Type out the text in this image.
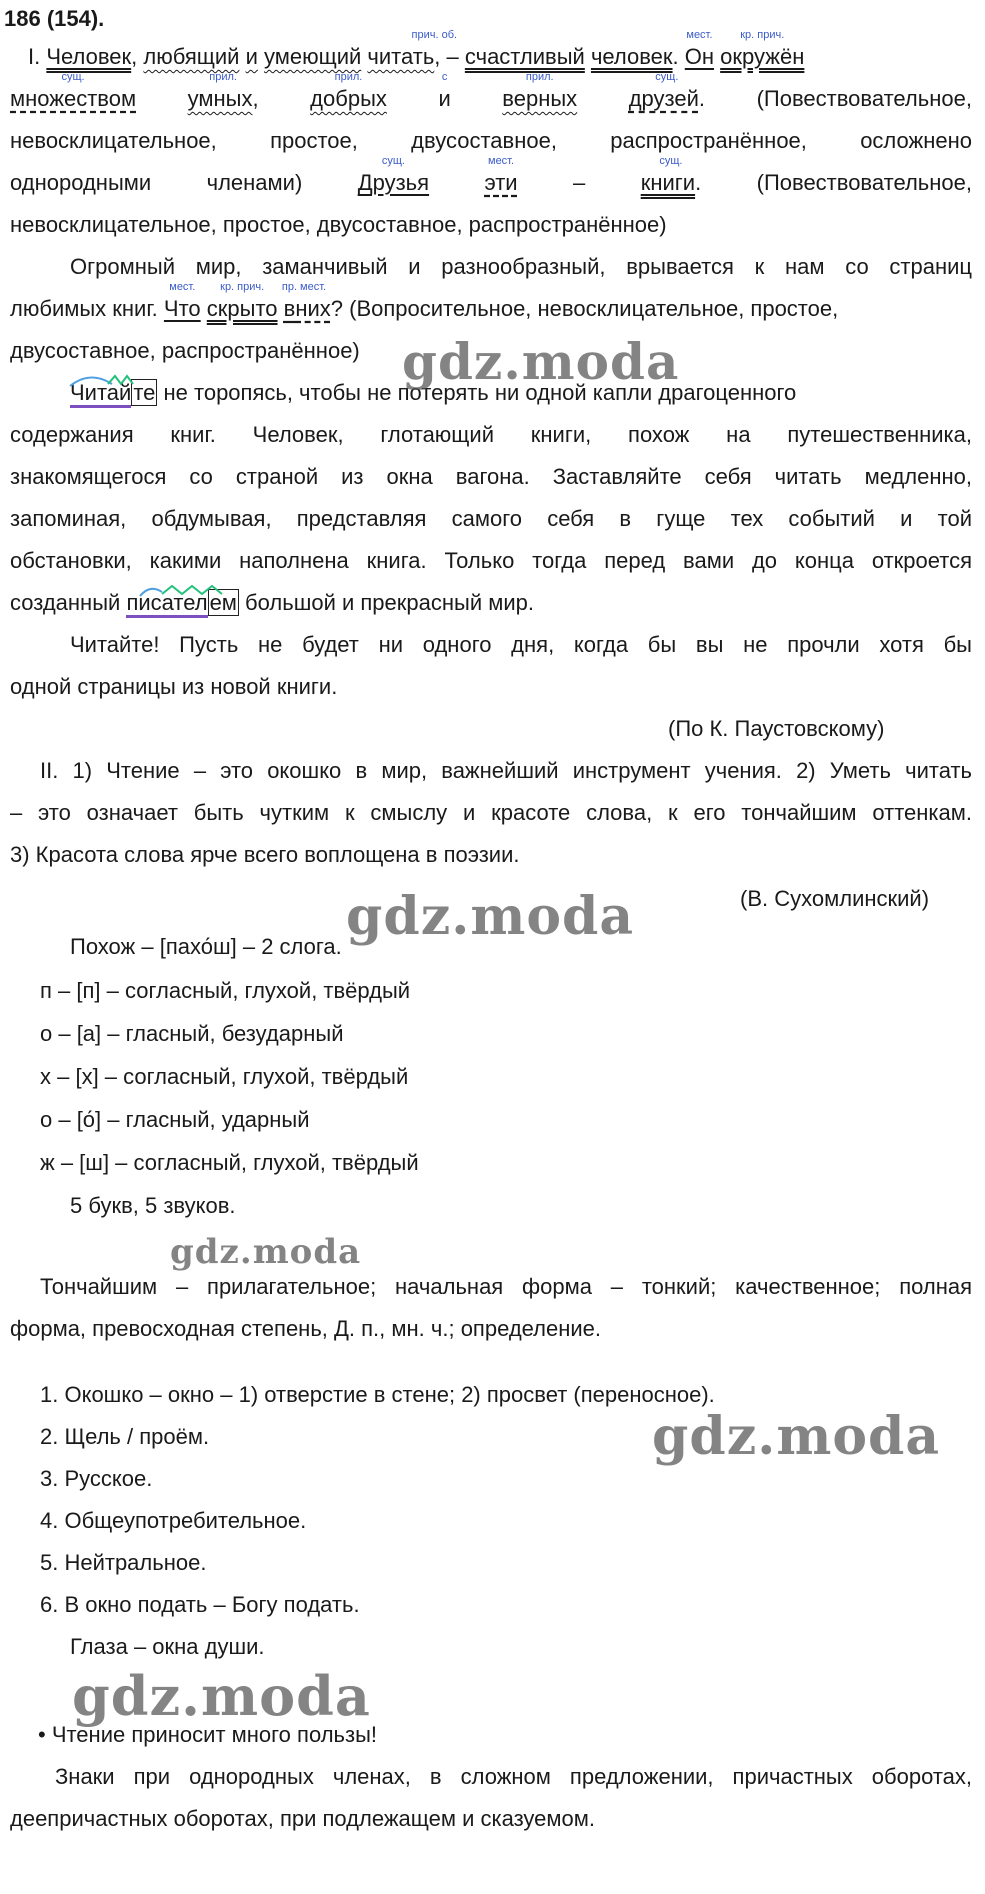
186 (154).
I. Человек,
прич. об.
любящий и умеющий читать, – счастливый человек.
мест.
Он
кр. прич.
окружён
сущ.
множеством
прил.
умных,
прил.
добрых
с
и
прил.
верных
сущ.
друзей. (Повествовательное,
невосклицательное, простое, двусоставное, распространённое, осложнено
однородными	членами)
сущ.
Друзья
мест.
эти	–
сущ.
книги.	(Повествовательное,
невосклицательное, простое, двусоставное, распространённое)
Огромный мир, заманчивый и разнообразный, врывается к нам со страниц
любимых книг.
мест.
Что
кр. прич.
скрыто
пр.
в
мест.
них? (Вопросительное, невосклицательное, простое,
двусоставное, распространённое)
Читайте не торопясь, чтобы не потерять ни одной капли драгоценного
содержания книг. Человек, глотающий книги, похож на путешественника,
знакомящегося со страной из окна вагона. Заставляйте себя читать медленно,
запоминая, обдумывая, представляя самого себя в гуще тех событий и той
обстановки, какими наполнена книга. Только тогда перед вами до конца откроется
созданный писателем большой и прекрасный мир.
Читайте! Пусть не будет ни одного дня, когда бы вы не прочли хотя бы
одной страницы из новой книги.
(По К. Паустовскому)
II. 1) Чтение – это окошко в мир, важнейший инструмент учения. 2) Уметь читать
– это означает быть чутким к смыслу и красоте слова, к его тончайшим оттенкам.
3) Красота слова ярче всего воплощена в поэзии.
(В. Сухомлинский)
Похож – [пахо́ш] – 2 слога.
п – [п] – согласный, глухой, твёрдый
о – [а] – гласный, безударный
х – [х] – согласный, глухой, твёрдый
о – [о́] – гласный, ударный
ж – [ш] – согласный, глухой, твёрдый
5 букв, 5 звуков.
Тончайшим – прилагательное; начальная форма – тонкий; качественное; полная
форма, превосходная степень, Д. п., мн. ч.; определение.
1. Окошко – окно – 1) отверстие в стене; 2) просвет (переносное).
2. Щель / проём.
3. Русское.
4. Общеупотребительное.
5. Нейтральное.
6. В окно подать – Богу подать.
Глаза – окна души.
• Чтение приносит много пользы!
Знаки при однородных членах, в сложном предложении, причастных оборотах,
деепричастных оборотах, при подлежащем и сказуемом.
gdz.moda
gdz.moda
gdz.moda
gdz.moda
gdz.moda
